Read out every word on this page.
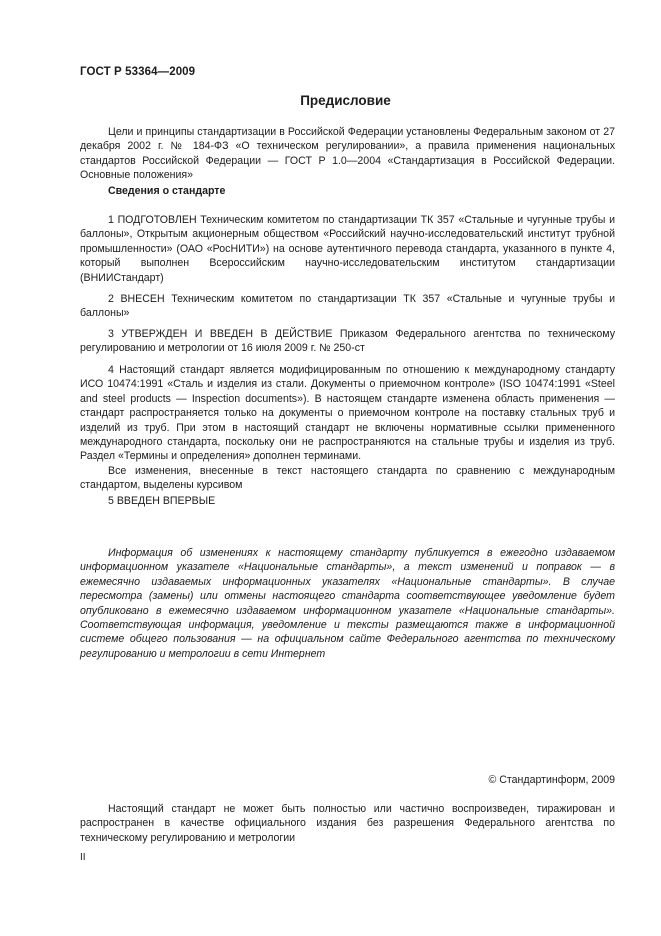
ГОСТ Р 53364—2009
Предисловие

Цели и принципы стандартизации в Российской Федерации установлены Федеральным законом от 27 декабря 2002 г. № 184-ФЗ «О техническом регулировании», а правила применения национальных стандартов Российской Федерации — ГОСТ Р 1.0—2004 «Стандартизация в Российской Федерации. Основные положения»

Сведения о стандарте

1 ПОДГОТОВЛЕН Техническим комитетом по стандартизации ТК 357 «Стальные и чугунные трубы и баллоны», Открытым акционерным обществом «Российский научно-исследовательский институт трубной промышленности» (ОАО «РосНИТИ») на основе аутентичного перевода стандарта, указанного в пункте 4, который выполнен Всероссийским научно-исследовательским институтом стандартизации (ВНИИСтандарт)

2 ВНЕСЕН Техническим комитетом по стандартизации ТК 357 «Стальные и чугунные трубы и баллоны»

3 УТВЕРЖДЕН И ВВЕДЕН В ДЕЙСТВИЕ Приказом Федерального агентства по техническому регулированию и метрологии от 16 июля 2009 г. № 250-ст

4 Настоящий стандарт является модифицированным по отношению к международному стандарту ИСО 10474:1991 «Сталь и изделия из стали. Документы о приемочном контроле» (ISO 10474:1991 «Steel and steel products — Inspection documents»). В настоящем стандарте изменена область применения — стандарт распространяется только на документы о приемочном контроле на поставку стальных труб и изделий из труб. При этом в настоящий стандарт не включены нормативные ссылки примененного международного стандарта, поскольку они не распространяются на стальные трубы и изделия из труб. Раздел «Термины и определения» дополнен терминами.

Все изменения, внесенные в текст настоящего стандарта по сравнению с международным стандартом, выделены курсивом

5 ВВЕДЕН ВПЕРВЫЕ

Информация об изменениях к настоящему стандарту публикуется в ежегодно издаваемом информационном указателе «Национальные стандарты», а текст изменений и поправок — в ежемесячно издаваемых информационных указателях «Национальные стандарты». В случае пересмотра (замены) или отмены настоящего стандарта соответствующее уведомление будет опубликовано в ежемесячно издаваемом информационном указателе «Национальные стандарты». Соответствующая информация, уведомление и тексты размещаются также в информационной системе общего пользования — на официальном сайте Федерального агентства по техническому регулированию и метрологии в сети Интернет

© Стандартинформ, 2009

Настоящий стандарт не может быть полностью или частично воспроизведен, тиражирован и распространен в качестве официального издания без разрешения Федерального агентства по техническому регулированию и метрологии

II
